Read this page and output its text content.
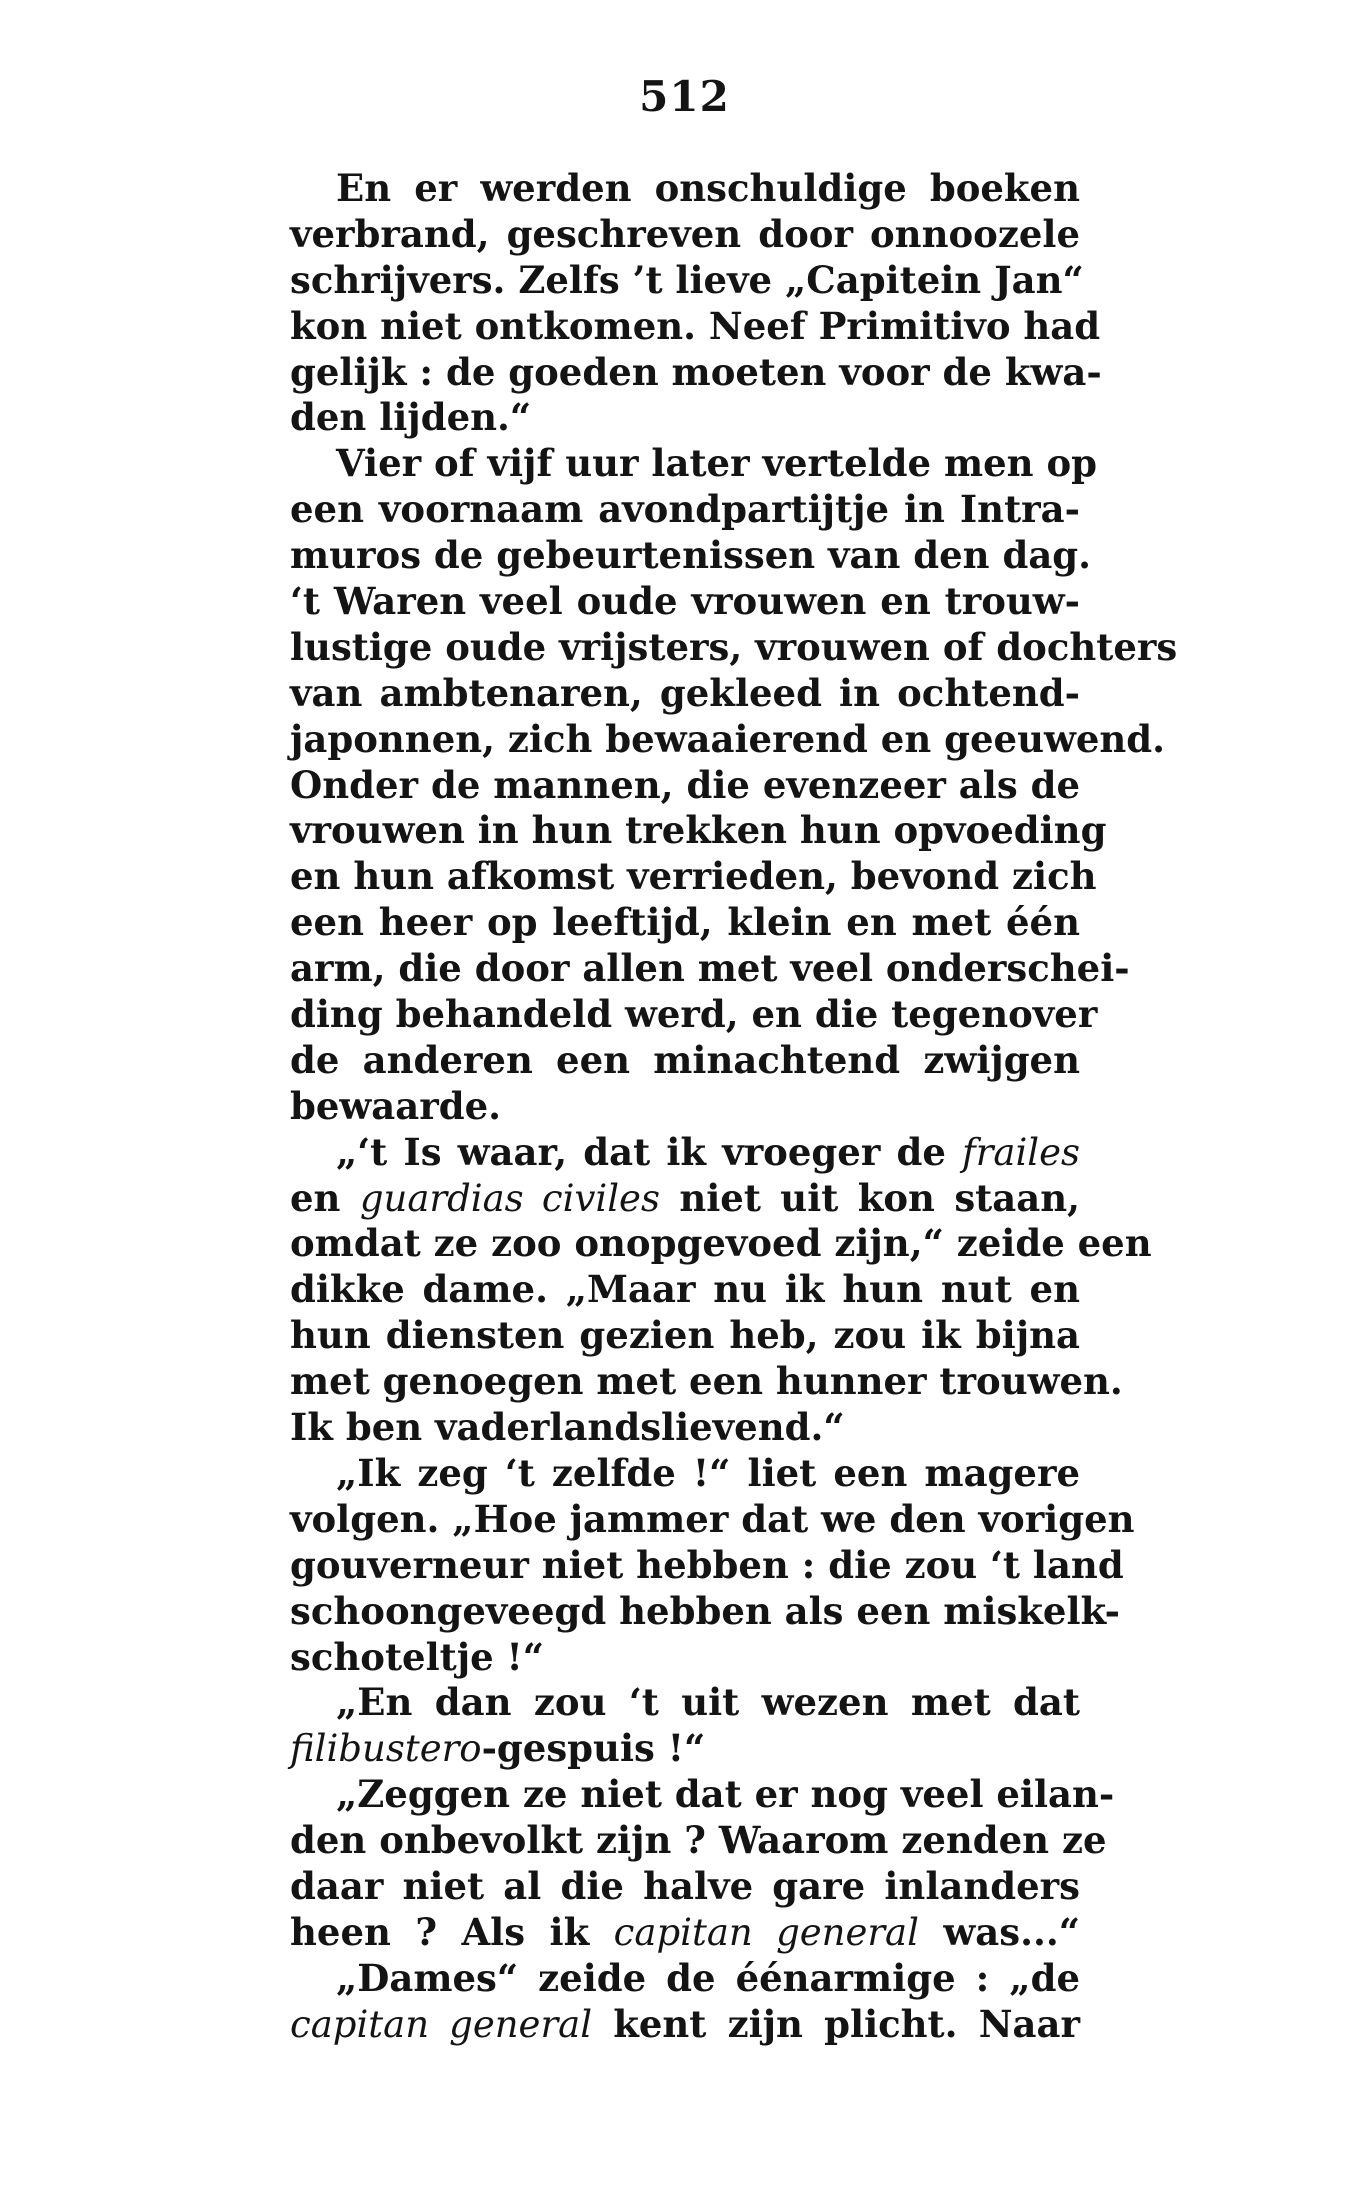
512
En er werden onschuldige boeken
verbrand, geschreven door onnoozele
schrijvers. Zelfs ’t lieve „Capitein Jan“
kon niet ontkomen. Neef Primitivo had
gelijk : de goeden moeten voor de kwa-
den lijden.“
Vier of vijf uur later vertelde men op
een voornaam avondpartijtje in Intra-
muros de gebeurtenissen van den dag.
‘t Waren veel oude vrouwen en trouw-
lustige oude vrijsters, vrouwen of dochters
van ambtenaren, gekleed in ochtend-
japonnen, zich bewaaierend en geeuwend.
Onder de mannen, die evenzeer als de
vrouwen in hun trekken hun opvoeding
en hun afkomst verrieden, bevond zich
een heer op leeftijd, klein en met één
arm, die door allen met veel onderschei-
ding behandeld werd, en die tegenover
de anderen een minachtend zwijgen
bewaarde.
„‘t Is waar, dat ik vroeger de frailes
en guardias civiles niet uit kon staan,
omdat ze zoo onopgevoed zijn,“ zeide een
dikke dame. „Maar nu ik hun nut en
hun diensten gezien heb, zou ik bijna
met genoegen met een hunner trouwen.
Ik ben vaderlandslievend.“
„Ik zeg ‘t zelfde !“ liet een magere
volgen. „Hoe jammer dat we den vorigen
gouverneur niet hebben : die zou ‘t land
schoongeveegd hebben als een miskelk-
schoteltje !“
„En dan zou ‘t uit wezen met dat
filibustero-gespuis !“
„Zeggen ze niet dat er nog veel eilan-
den onbevolkt zijn ? Waarom zenden ze
daar niet al die halve gare inlanders
heen ? Als ik capitan general was...“
„Dames“ zeide de éénarmige : „de
capitan general kent zijn plicht. Naar
